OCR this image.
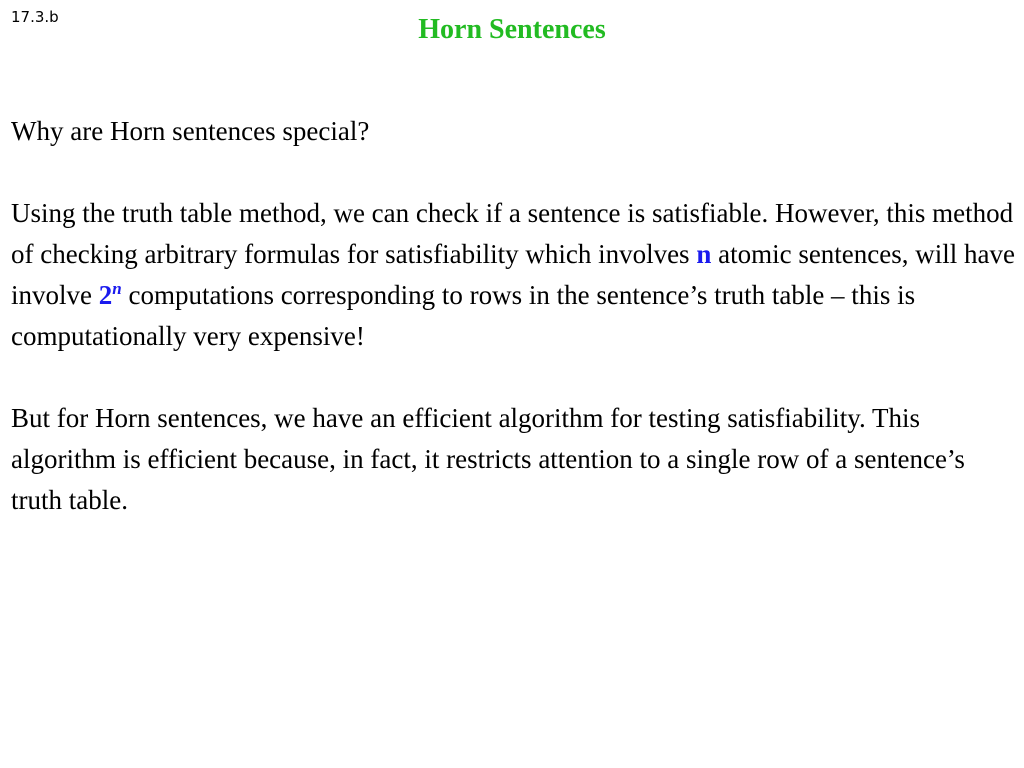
17.3.b	Horn Sentences

Why are Horn sentences special?

Using the truth table method, we can check if a sentence is satisfiable. However, this method of checking arbitrary formulas for satisfiability which involves n atomic sentences, will have involve 2$^n$ computations corresponding to rows in the sentence’s truth table – this is computationally very expensive!

But for Horn sentences, we have an efficient algorithm for testing satisfiability. This algorithm is efficient because, in fact, it restricts attention to a single row of a sentence’s truth table.
